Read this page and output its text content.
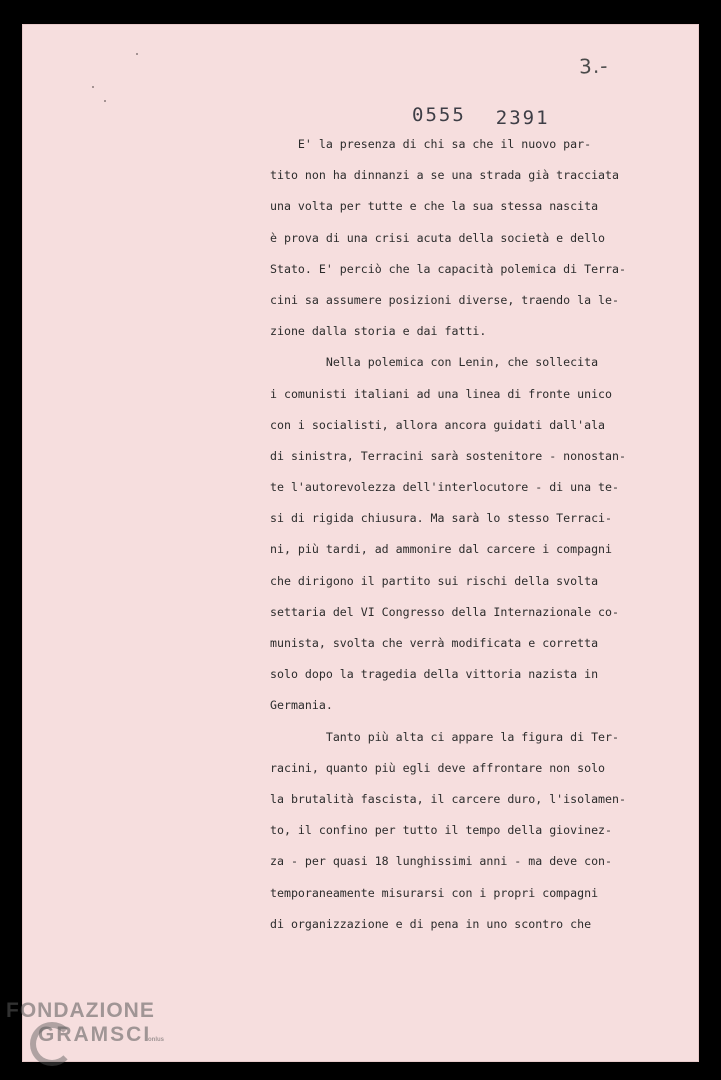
3.-
0555 2391
E' la presenza di chi sa che il nuovo par-
tito non ha dinnanzi a se una strada già tracciata
una volta per tutte e che la sua stessa nascita
è prova di una crisi acuta della società e dello
Stato. E' perciò che la capacità polemica di Terra-
cini sa assumere posizioni diverse, traendo la le-
zione dalla storia e dai fatti.
Nella polemica con Lenin, che sollecita
i comunisti italiani ad una linea di fronte unico
con i socialisti, allora ancora guidati dall'ala
di sinistra, Terracini sarà sostenitore - nonostan-
te l'autorevolezza dell'interlocutore - di una te-
si di rigida chiusura. Ma sarà lo stesso Terraci-
ni, più tardi, ad ammonire dal carcere i compagni
che dirigono il partito sui rischi della svolta
settaria del VI Congresso della Internazionale co-
munista, svolta che verrà modificata e corretta
solo dopo la tragedia della vittoria nazista in
Germania.
Tanto più alta ci appare la figura di Ter-
racini, quanto più egli deve affrontare non solo
la brutalità fascista, il carcere duro, l'isolamen-
to, il confino per tutto il tempo della giovinez-
za - per quasi 18 lunghissimi anni - ma deve con-
temporaneamente misurarsi con i propri compagni
di organizzazione e di pena in uno scontro che
FONDAZIONE
GRAMSCI
onlus
